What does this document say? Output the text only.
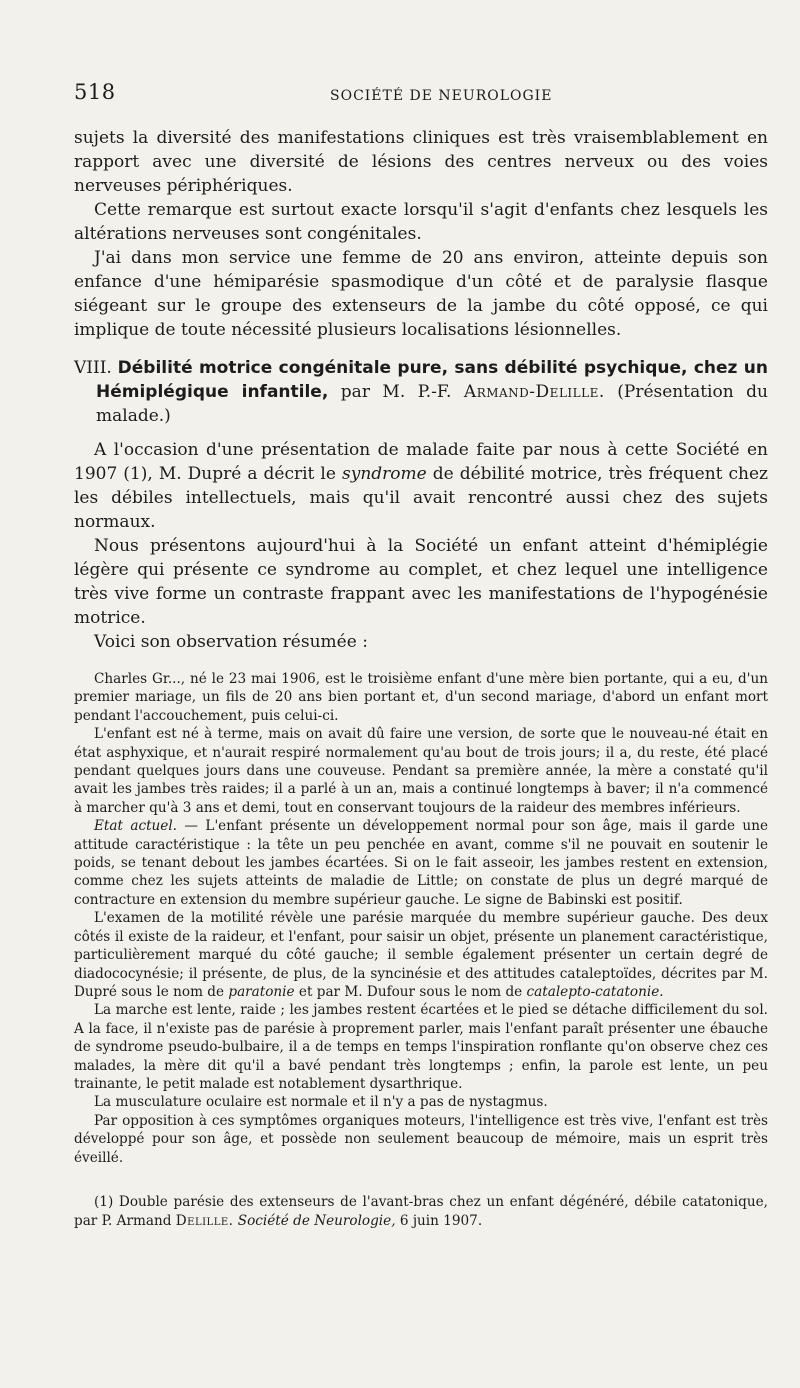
518	SOCIÉTÉ DE NEUROLOGIE

sujets la diversité des manifestations cliniques est très vraisemblablement en rapport avec une diversité de lésions des centres nerveux ou des voies nerveuses périphériques.

Cette remarque est surtout exacte lorsqu'il s'agit d'enfants chez lesquels les altérations nerveuses sont congénitales.

J'ai dans mon service une femme de 20 ans environ, atteinte depuis son enfance d'une hémiparésie spasmodique d'un côté et de paralysie flasque siégeant sur le groupe des extenseurs de la jambe du côté opposé, ce qui implique de toute nécessité plusieurs localisations lésionnelles.

VIII. Débilité motrice congénitale pure, sans débilité psychique, chez un Hémiplégique infantile, par M. P.-F. Armand-Delille. (Présentation du malade.)

A l'occasion d'une présentation de malade faite par nous à cette Société en 1907 (1), M. Dupré a décrit le syndrome de débilité motrice, très fréquent chez les débiles intellectuels, mais qu'il avait rencontré aussi chez des sujets normaux.

Nous présentons aujourd'hui à la Société un enfant atteint d'hémiplégie légère qui présente ce syndrome au complet, et chez lequel une intelligence très vive forme un contraste frappant avec les manifestations de l'hypogénésie motrice.

Voici son observation résumée :

Charles Gr..., né le 23 mai 1906, est le troisième enfant d'une mère bien portante, qui a eu, d'un premier mariage, un fils de 20 ans bien portant et, d'un second mariage, d'abord un enfant mort pendant l'accouchement, puis celui-ci.

L'enfant est né à terme, mais on avait dû faire une version, de sorte que le nouveau-né était en état asphyxique, et n'aurait respiré normalement qu'au bout de trois jours; il a, du reste, été placé pendant quelques jours dans une couveuse. Pendant sa première année, la mère a constaté qu'il avait les jambes très raides; il a parlé à un an, mais a continué longtemps à baver; il n'a commencé à marcher qu'à 3 ans et demi, tout en conservant toujours de la raideur des membres inférieurs.

Etat actuel. — L'enfant présente un développement normal pour son âge, mais il garde une attitude caractéristique : la tête un peu penchée en avant, comme s'il ne pouvait en soutenir le poids, se tenant debout les jambes écartées. Si on le fait asseoir, les jambes restent en extension, comme chez les sujets atteints de maladie de Little; on constate de plus un degré marqué de contracture en extension du membre supérieur gauche. Le signe de Babinski est positif.

L'examen de la motilité révèle une parésie marquée du membre supérieur gauche. Des deux côtés il existe de la raideur, et l'enfant, pour saisir un objet, présente un planement caractéristique, particulièrement marqué du côté gauche; il semble également présenter un certain degré de diadococynésie; il présente, de plus, de la syncinésie et des attitudes cataleptoïdes, décrites par M. Dupré sous le nom de paratonie et par M. Dufour sous le nom de catalepto-catatonie.

La marche est lente, raide ; les jambes restent écartées et le pied se détache difficilement du sol. A la face, il n'existe pas de parésie à proprement parler, mais l'enfant paraît présenter une ébauche de syndrome pseudo-bulbaire, il a de temps en temps l'inspiration ronflante qu'on observe chez ces malades, la mère dit qu'il a bavé pendant très longtemps ; enfin, la parole est lente, un peu trainante, le petit malade est notablement dysarthrique.

La musculature oculaire est normale et il n'y a pas de nystagmus.

Par opposition à ces symptômes organiques moteurs, l'intelligence est très vive, l'enfant est très développé pour son âge, et possède non seulement beaucoup de mémoire, mais un esprit très éveillé.

(1) Double parésie des extenseurs de l'avant-bras chez un enfant dégénéré, débile catatonique, par P. Armand Delille. Société de Neurologie, 6 juin 1907.
